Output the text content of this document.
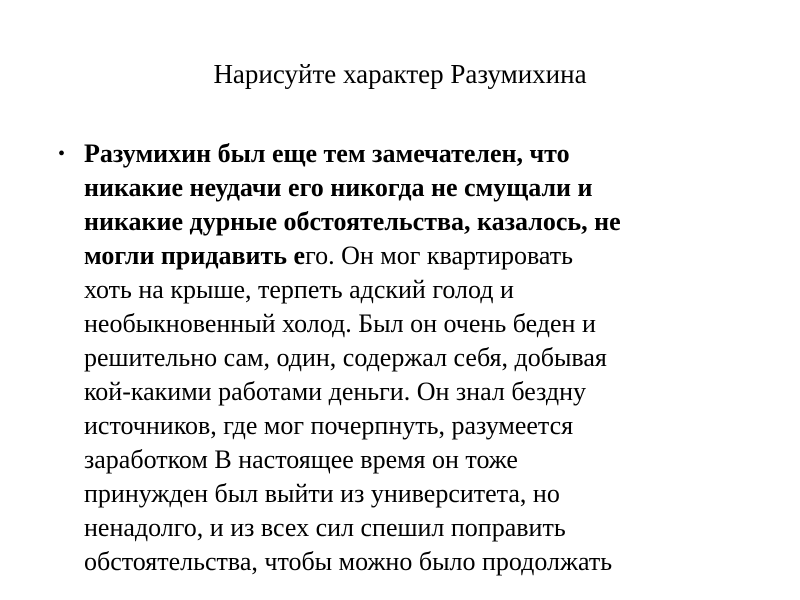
Нарисуйте характер Разумихина
• Разумихин был еще тем замечателен, что
никакие неудачи его никогда не смущали и
никакие дурные обстоятельства, казалось, не
могли придавить его. Он мог квартировать
хоть на крыше, терпеть адский голод и
необыкновенный холод. Был он очень беден и
решительно сам, один, содержал себя, добывая
кой-какими работами деньги. Он знал бездну
источников, где мог почерпнуть, разумеется
заработком В настоящее время он тоже
принужден был выйти из университета, но
ненадолго, и из всех сил спешил поправить
обстоятельства, чтобы можно было продолжать
